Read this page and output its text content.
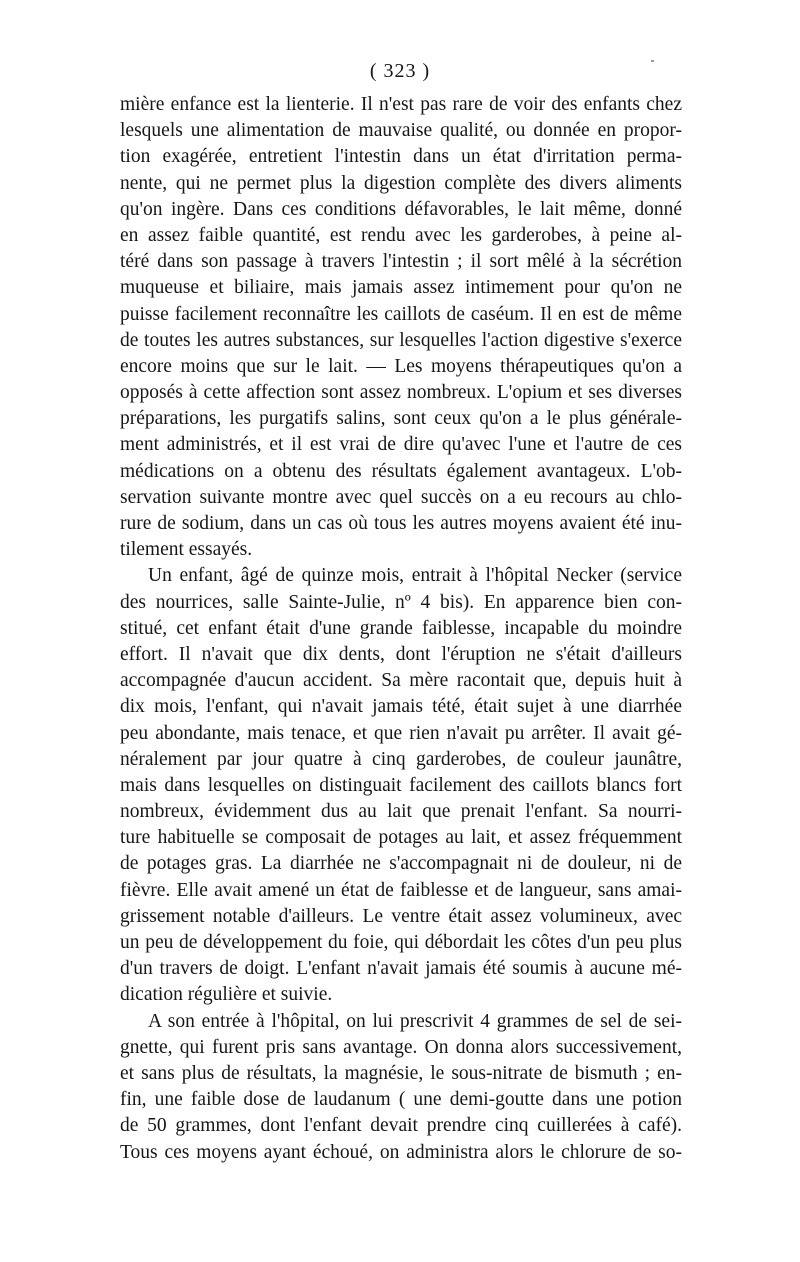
( 323 )
mière enfance est la lienterie. Il n'est pas rare de voir des enfants chez
lesquels une alimentation de mauvaise qualité, ou donnée en propor-
tion exagérée, entretient l'intestin dans un état d'irritation perma-
nente, qui ne permet plus la digestion complète des divers aliments
qu'on ingère. Dans ces conditions défavorables, le lait même, donné
en assez faible quantité, est rendu avec les garderobes, à peine al-
téré dans son passage à travers l'intestin ; il sort mêlé à la sécrétion
muqueuse et biliaire, mais jamais assez intimement pour qu'on ne
puisse facilement reconnaître les caillots de caséum. Il en est de même
de toutes les autres substances, sur lesquelles l'action digestive s'exerce
encore moins que sur le lait. — Les moyens thérapeutiques qu'on a
opposés à cette affection sont assez nombreux. L'opium et ses diverses
préparations, les purgatifs salins, sont ceux qu'on a le plus générale-
ment administrés, et il est vrai de dire qu'avec l'une et l'autre de ces
médications on a obtenu des résultats également avantageux. L'ob-
servation suivante montre avec quel succès on a eu recours au chlo-
rure de sodium, dans un cas où tous les autres moyens avaient été inu-
tilement essayés.
Un enfant, âgé de quinze mois, entrait à l'hôpital Necker (service
des nourrices, salle Sainte-Julie, nº 4 bis). En apparence bien con-
stitué, cet enfant était d'une grande faiblesse, incapable du moindre
effort. Il n'avait que dix dents, dont l'éruption ne s'était d'ailleurs
accompagnée d'aucun accident. Sa mère racontait que, depuis huit à
dix mois, l'enfant, qui n'avait jamais tété, était sujet à une diarrhée
peu abondante, mais tenace, et que rien n'avait pu arrêter. Il avait gé-
néralement par jour quatre à cinq garderobes, de couleur jaunâtre,
mais dans lesquelles on distinguait facilement des caillots blancs fort
nombreux, évidemment dus au lait que prenait l'enfant. Sa nourri-
ture habituelle se composait de potages au lait, et assez fréquemment
de potages gras. La diarrhée ne s'accompagnait ni de douleur, ni de
fièvre. Elle avait amené un état de faiblesse et de langueur, sans amai-
grissement notable d'ailleurs. Le ventre était assez volumineux, avec
un peu de développement du foie, qui débordait les côtes d'un peu plus
d'un travers de doigt. L'enfant n'avait jamais été soumis à aucune mé-
dication régulière et suivie.
A son entrée à l'hôpital, on lui prescrivit 4 grammes de sel de sei-
gnette, qui furent pris sans avantage. On donna alors successivement,
et sans plus de résultats, la magnésie, le sous-nitrate de bismuth ; en-
fin, une faible dose de laudanum ( une demi-goutte dans une potion
de 50 grammes, dont l'enfant devait prendre cinq cuillerées à café).
Tous ces moyens ayant échoué, on administra alors le chlorure de so-
